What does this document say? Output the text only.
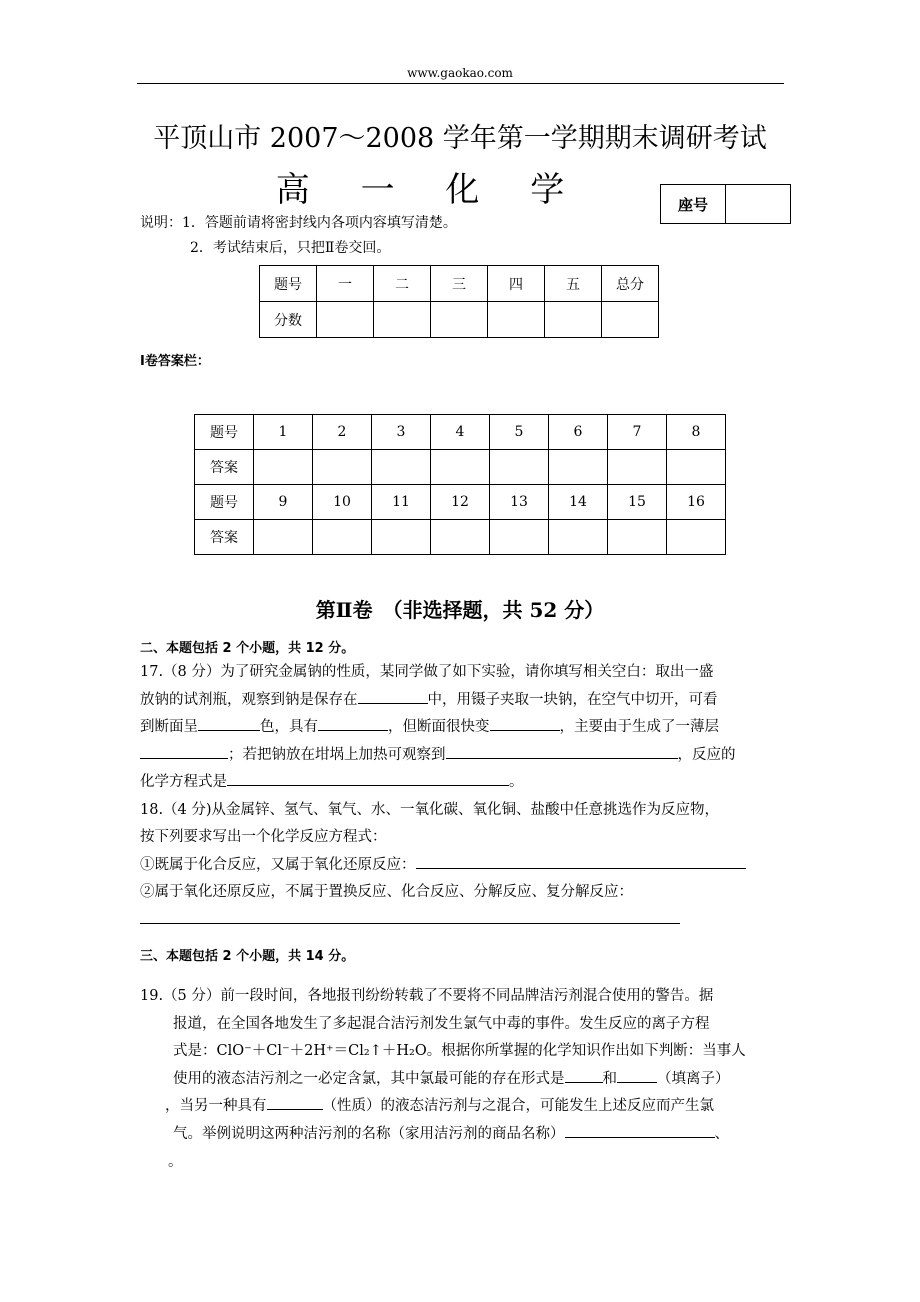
www.gaokao.com
平顶山市 2007～2008 学年第一学期期末调研考试
高 一 化 学	座号	
说明：1．答题前请将密封线内各项内容填写清楚。
2．考试结束后，只把Ⅱ卷交回。
题号	一	二	三	四	五	总分
分数						
Ⅰ卷答案栏：
题号	1	2	3	4	5	6	7	8
答案								
题号	9	10	11	12	13	14	15	16
答案								
第Ⅱ卷　（非选择题，共 52 分）
二、本题包括 2 个小题，共 12 分。
17.（8 分）为了研究金属钠的性质，某同学做了如下实验，请你填写相关空白：取出一盛
放钠的试剂瓶，观察到钠是保存在	中，用镊子夹取一块钠，在空气中切开，可看
到断面呈	色，具有	，但断面很快变	，主要由于生成了一薄层
；若把钠放在坩埚上加热可观察到	，反应的
化学方程式是	。
18.（4 分)从金属锌、氢气、氧气、水、一氧化碳、氧化铜、盐酸中任意挑选作为反应物，
按下列要求写出一个化学反应方程式：
①既属于化合反应，又属于氧化还原反应：
②属于氧化还原反应，不属于置换反应、化合反应、分解反应、复分解反应：
三、本题包括 2 个小题，共 14 分。
19.（5 分）前一段时间，各地报刊纷纷转载了不要将不同品牌洁污剂混合使用的警告。据
报道，在全国各地发生了多起混合洁污剂发生氯气中毒的事件。发生反应的离子方程
式是：ClO⁻＋Cl⁻＋2H⁺＝Cl₂↑＋H₂O。根据你所掌握的化学知识作出如下判断：当事人
使用的液态洁污剂之一必定含氯，其中氯最可能的存在形式是	和	（填离子）
，当另一种具有	（性质）的液态洁污剂与之混合，可能发生上述反应而产生氯
气。举例说明这两种洁污剂的名称（家用洁污剂的商品名称）	、
。
